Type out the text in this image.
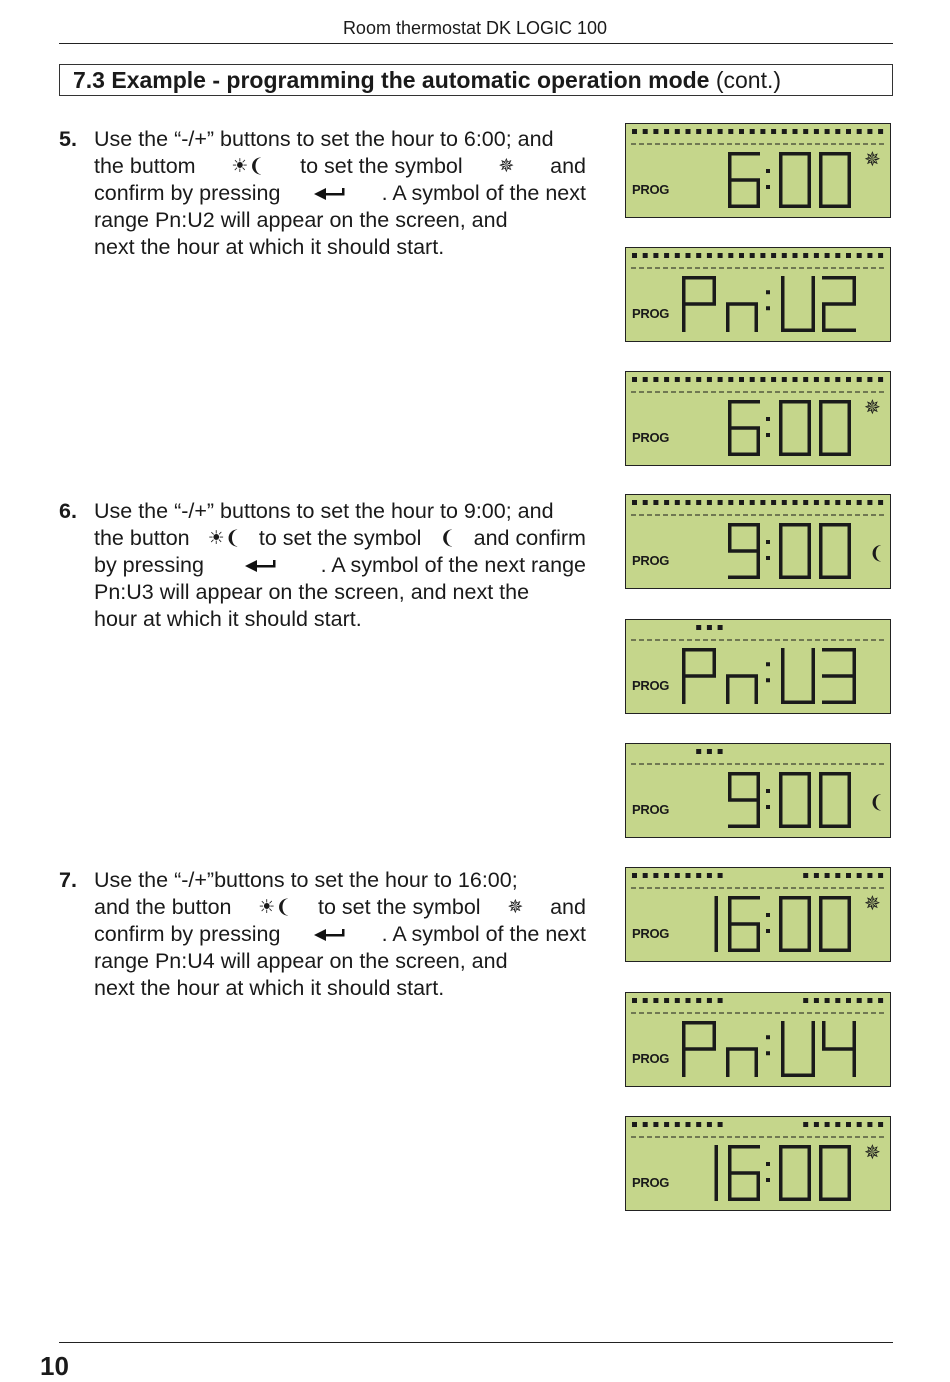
Room thermostat DK LOGIC 100
7.3 Example - programming the automatic operation mode (cont.)
5. Use the “-/+” buttons to set the hour to 6:00; and
the buttom ☀❨ to set the symbol ✵ and
confirm by pressing	. A symbol of the next
range Pn:U2 will appear on the screen, and
next the hour at which it should start.
6. Use the “-/+” buttons to set the hour to 9:00; and
the button ☀❨ to set the symbol ❨ and confirm
by pressing	. A symbol of the next range
Pn:U3 will appear on the screen, and next the
hour at which it should start.
7. Use the “-/+”buttons to set the hour to 16:00;
and the button ☀❨ to set the symbol ✵ and
confirm by pressing	. A symbol of the next
range Pn:U4 will appear on the screen, and
next the hour at which it should start.
PROG
✵
PROG
PROG
✵
PROG	❨
PROG
PROG	❨
PROG
✵
PROG
PROG
✵
10
